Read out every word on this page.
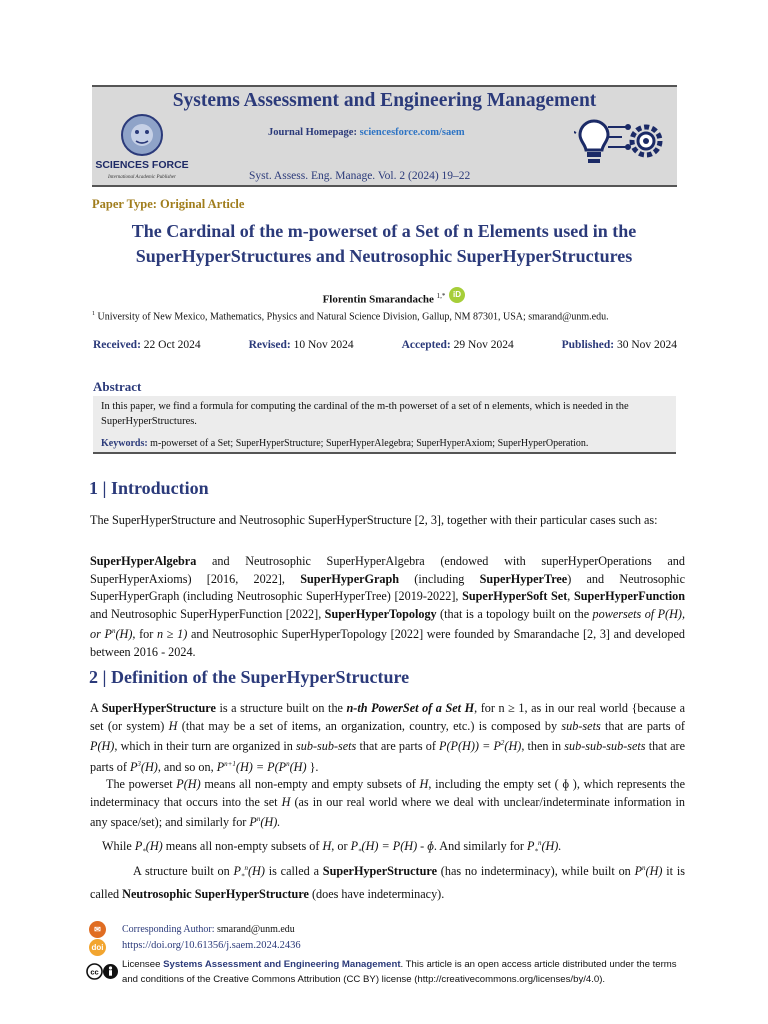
Systems Assessment and Engineering Management
SCIENCES FORCE
International Academic Publisher
Journal Homepage: sciencesforce.com/saem
Syst. Assess. Eng. Manage. Vol. 2 (2024) 19–22
Paper Type: Original Article
The Cardinal of the m-powerset of a Set of n Elements used in the
SuperHyperStructures and Neutrosophic SuperHyperStructures
Florentin Smarandache $^{1,*}$ iD
$^1$ University of New Mexico, Mathematics, Physics and Natural Science Division, Gallup, NM 87301, USA; smarand@unm.edu.
Received: 22 Oct 2024	Revised: 10 Nov 2024	Accepted: 29 Nov 2024	Published: 30 Nov 2024
Abstract
In this paper, we find a formula for computing the cardinal of the m-th powerset of a set of n elements, which is needed in the SuperHyperStructures.
Keywords: m-powerset of a Set; SuperHyperStructure; SuperHyperAlegebra; SuperHyperAxiom; SuperHyperOperation.
1 | Introduction
The SuperHyperStructure and Neutrosophic SuperHyperStructure [2, 3], together with their particular cases such as:
SuperHyperAlgebra and Neutrosophic SuperHyperAlgebra (endowed with superHyperOperations and SuperHyperAxioms) [2016, 2022], SuperHyperGraph (including SuperHyperTree) and Neutrosophic SuperHyperGraph (including Neutrosophic SuperHyperTree) [2019-2022], SuperHyperSoft Set, SuperHyperFunction and Neutrosophic SuperHyperFunction [2022], SuperHyperTopology (that is a topology built on the powersets of P(H), or $P^n(H)$, for n ≥ 1) and Neutrosophic SuperHyperTopology [2022] were founded by Smarandache [2, 3] and developed between 2016 - 2024.
2 | Definition of the SuperHyperStructure
A SuperHyperStructure is a structure built on the n-th PowerSet of a Set H, for n ≥ 1, as in our real world {because a set (or system) H (that may be a set of items, an organization, country, etc.) is composed by sub-sets that are parts of P(H), which in their turn are organized in sub-sub-sets that are parts of $P(P(H)) = P^2(H)$, then in sub-sub-sub-sets that are parts of $P^3(H)$, and so on, $P^{n+1}(H) = P(P^n(H)$ }.
The powerset P(H) means all non-empty and empty subsets of H, including the empty set ( ɸ ), which represents the indeterminacy that occurs into the set H (as in our real world where we deal with unclear/indeterminate information in any space/set); and similarly for $P^n(H)$.
While $P_*(H)$ means all non-empty subsets of H, or $P_*(H) = P(H)$ - ɸ. And similarly for $P_*^n(H)$.
A structure built on $P_*^n(H)$ is called a SuperHyperStructure (has no indeterminacy), while built on $P^n(H)$ it is called Neutrosophic SuperHyperStructure (does have indeterminacy).
✉	Corresponding Author: smarand@unm.edu
doi https://doi.org/10.61356/j.saem.2024.2436
cc
Licensee Systems Assessment and Engineering Management. This article is an open access article distributed under the terms and conditions of the Creative Commons Attribution (CC BY) license (http://creativecommons.org/licenses/by/4.0).
